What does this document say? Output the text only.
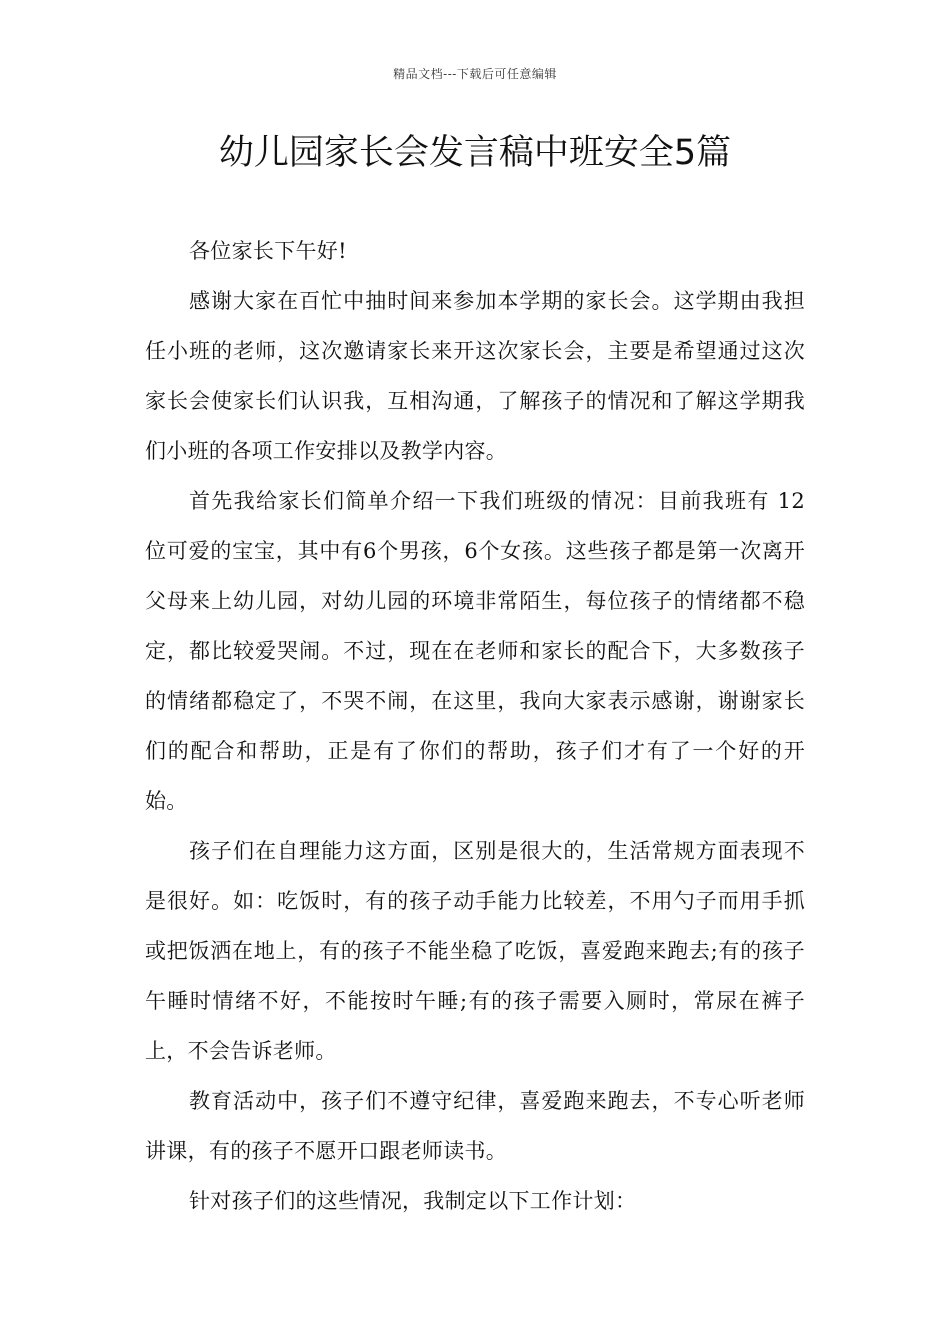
精品文档---下载后可任意编辑
幼儿园家长会发言稿中班安全5篇

各位家长下午好!

感谢大家在百忙中抽时间来参加本学期的家长会。这学期由我担任小班的老师，这次邀请家长来开这次家长会，主要是希望通过这次家长会使家长们认识我，互相沟通，了解孩子的情况和了解这学期我们小班的各项工作安排以及教学内容。

首先我给家长们简单介绍一下我们班级的情况：目前我班有 12 位可爱的宝宝，其中有6个男孩，6个女孩。这些孩子都是第一次离开父母来上幼儿园，对幼儿园的环境非常陌生，每位孩子的情绪都不稳定，都比较爱哭闹。不过，现在在老师和家长的配合下，大多数孩子的情绪都稳定了，不哭不闹，在这里，我向大家表示感谢，谢谢家长们的配合和帮助，正是有了你们的帮助，孩子们才有了一个好的开始。

孩子们在自理能力这方面，区别是很大的，生活常规方面表现不是很好。如：吃饭时，有的孩子动手能力比较差，不用勺子而用手抓或把饭洒在地上，有的孩子不能坐稳了吃饭，喜爱跑来跑去;有的孩子午睡时情绪不好，不能按时午睡;有的孩子需要入厕时，常尿在裤子上，不会告诉老师。

教育活动中，孩子们不遵守纪律，喜爱跑来跑去，不专心听老师讲课，有的孩子不愿开口跟老师读书。

针对孩子们的这些情况，我制定以下工作计划：
